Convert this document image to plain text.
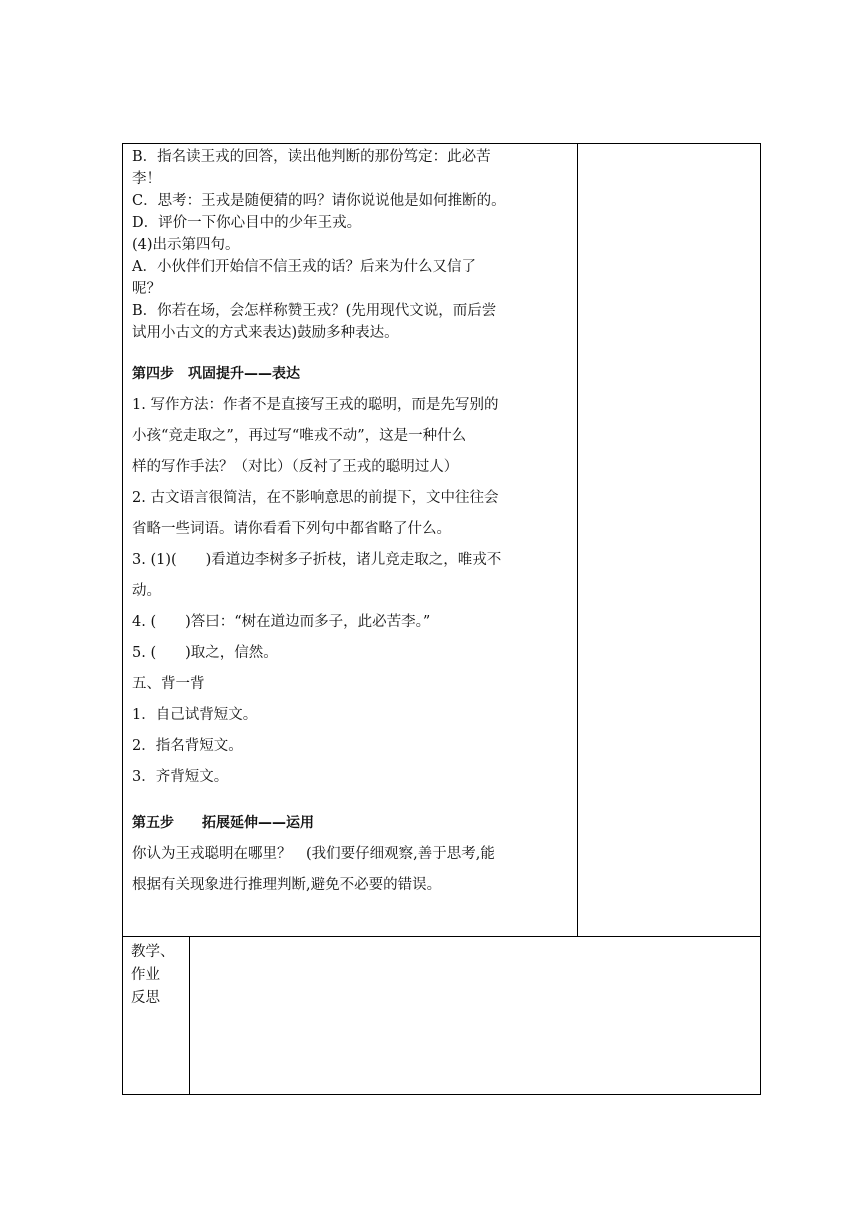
B．指名读王戎的回答，读出他判断的那份笃定：此必苦
李！
C．思考：王戎是随便猜的吗？请你说说他是如何推断的。
D．评价一下你心目中的少年王戎。
(4)出示第四句。
A．小伙伴们开始信不信王戎的话？后来为什么又信了
呢？
B．你若在场，会怎样称赞王戎？(先用现代文说，而后尝
试用小古文的方式来表达)鼓励多种表达。
第四步　巩固提升——表达
1. 写作方法：作者不是直接写王戎的聪明，而是先写别的
小孩“竞走取之”，再过写“唯戎不动”，这是一种什么
样的写作手法？（对比）（反衬了王戎的聪明过人）
2. 古文语言很简洁，在不影响意思的前提下，文中往往会
省略一些词语。请你看看下列句中都省略了什么。
3. (1)(　　)看道边李树多子折枝，诸儿竞走取之，唯戎不
动。
4. (　　)答曰：“树在道边而多子，此必苦李。”
5. (　　)取之，信然。
五、背一背
1．自己试背短文。
2．指名背短文。
3．齐背短文。
第五步　　拓展延伸——运用
你认为王戎聪明在哪里？　(我们要仔细观察,善于思考,能
根据有关现象进行推理判断,避免不必要的错误。
教学、
作业
反思
